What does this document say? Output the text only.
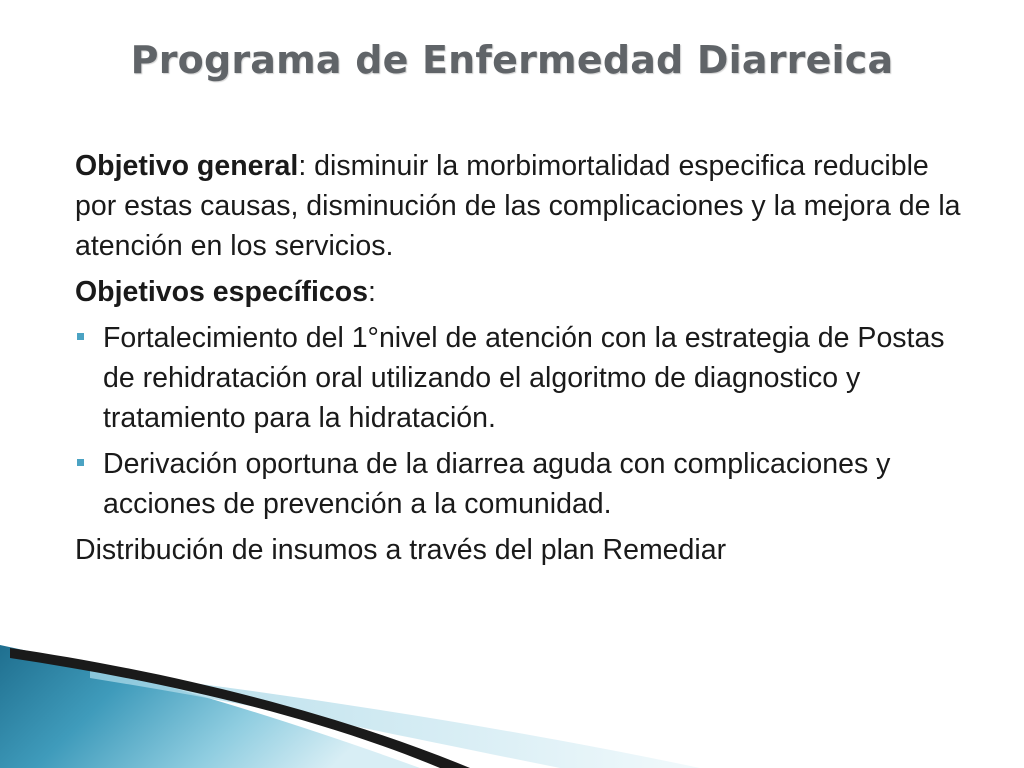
Programa de Enfermedad Diarreica

Objetivo general: disminuir la morbimortalidad especifica reducible por estas causas, disminución de las complicaciones y la mejora de la atención en los servicios.

Objetivos específicos:

Fortalecimiento del 1°nivel de atención con la estrategia de Postas de rehidratación oral utilizando el algoritmo de diagnostico y tratamiento para la hidratación.
Derivación oportuna de la diarrea aguda con complicaciones y acciones de prevención a la comunidad.

Distribución de insumos a través del plan Remediar
